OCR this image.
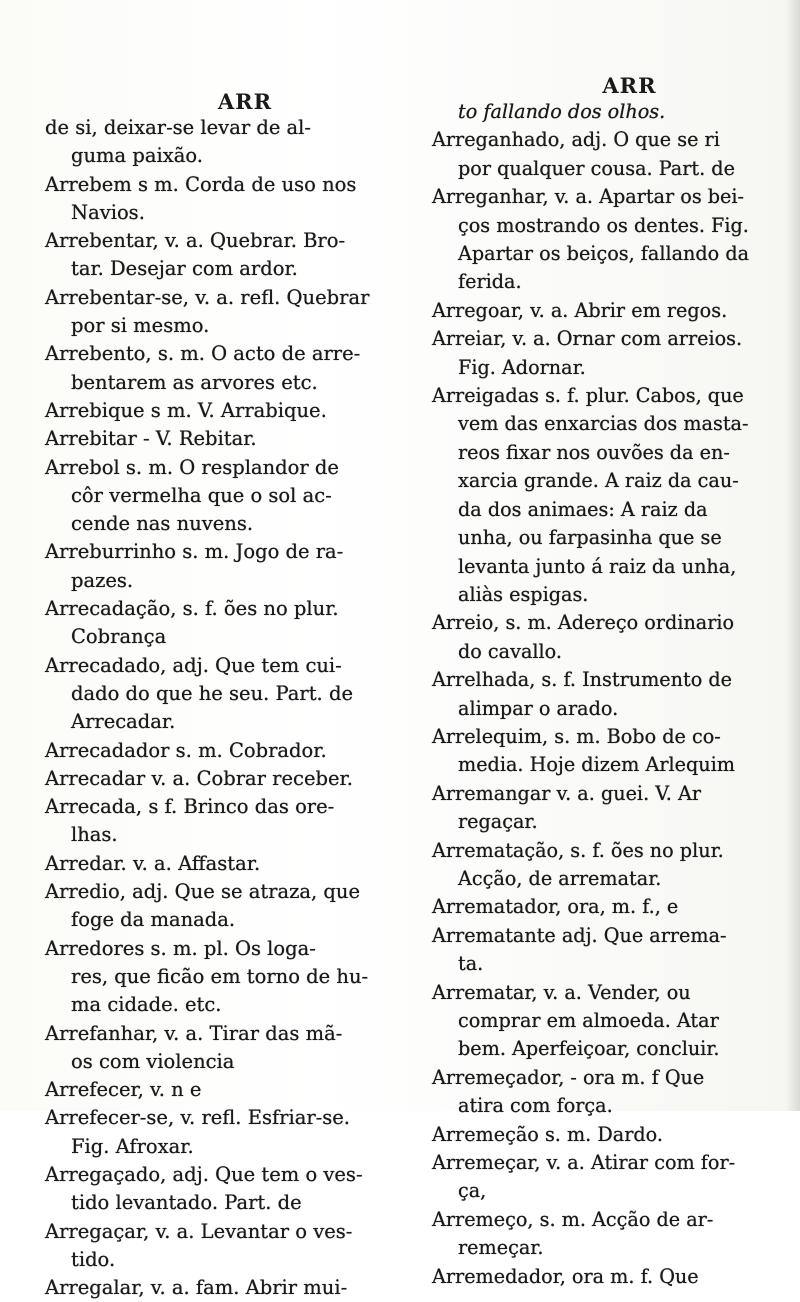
ARR
de si, deixar-se levar de al-
guma paixão.
Arrebem s m. Corda de uso nos
Navios.
Arrebentar, v. a. Quebrar. Bro-
tar. Desejar com ardor.
Arrebentar-se, v. a. refl. Quebrar
por si mesmo.
Arrebento, s. m. O acto de arre-
bentarem as arvores etc.
Arrebique s m. V. Arrabique.
Arrebitar - V. Rebitar.
Arrebol s. m. O resplandor de
côr vermelha que o sol ac-
cende nas nuvens.
Arreburrinho s. m. Jogo de ra-
pazes.
Arrecadação, s. f. ões no plur.
Cobrança
Arrecadado, adj. Que tem cui-
dado do que he seu. Part. de
Arrecadar.
Arrecadador s. m. Cobrador.
Arrecadar v. a. Cobrar receber.
Arrecada, s f. Brinco das ore-
lhas.
Arredar. v. a. Affastar.
Arredio, adj. Que se atraza, que
foge da manada.
Arredores s. m. pl. Os loga-
res, que ficão em torno de hu-
ma cidade. etc.
Arrefanhar, v. a. Tirar das mã-
os com violencia
Arrefecer, v. n e
Arrefecer-se, v. refl. Esfriar-se.
Fig. Afroxar.
Arregaçado, adj. Que tem o ves-
tido levantado. Part. de
Arregaçar, v. a. Levantar o ves-
tido.
Arregalar, v. a. fam. Abrir mui-
ARR
to fallando dos olhos.
Arreganhado, adj. O que se ri
por qualquer cousa. Part. de
Arreganhar, v. a. Apartar os bei-
ços mostrando os dentes. Fig.
Apartar os beiços, fallando da
ferida.
Arregoar, v. a. Abrir em regos.
Arreiar, v. a. Ornar com arreios.
Fig. Adornar.
Arreigadas s. f. plur. Cabos, que
vem das enxarcias dos masta-
reos fixar nos ouvões da en-
xarcia grande. A raiz da cau-
da dos animaes: A raiz da
unha, ou farpasinha que se
levanta junto á raiz da unha,
aliàs espigas.
Arreio, s. m. Adereço ordinario
do cavallo.
Arrelhada, s. f. Instrumento de
alimpar o arado.
Arrelequim, s. m. Bobo de co-
media. Hoje dizem Arlequim
Arremangar v. a. guei. V. Ar
regaçar.
Arrematação, s. f. ões no plur.
Acção, de arrematar.
Arrematador, ora, m. f., e
Arrematante adj. Que arrema-
ta.
Arrematar, v. a. Vender, ou
comprar em almoeda. Atar
bem. Aperfeiçoar, concluir.
Arremeçador, - ora m. f Que
atira com força.
Arremeção s. m. Dardo.
Arremeçar, v. a. Atirar com for-
ça,
Arremeço, s. m. Acção de ar-
remeçar.
Arremedador, ora m. f. Que
